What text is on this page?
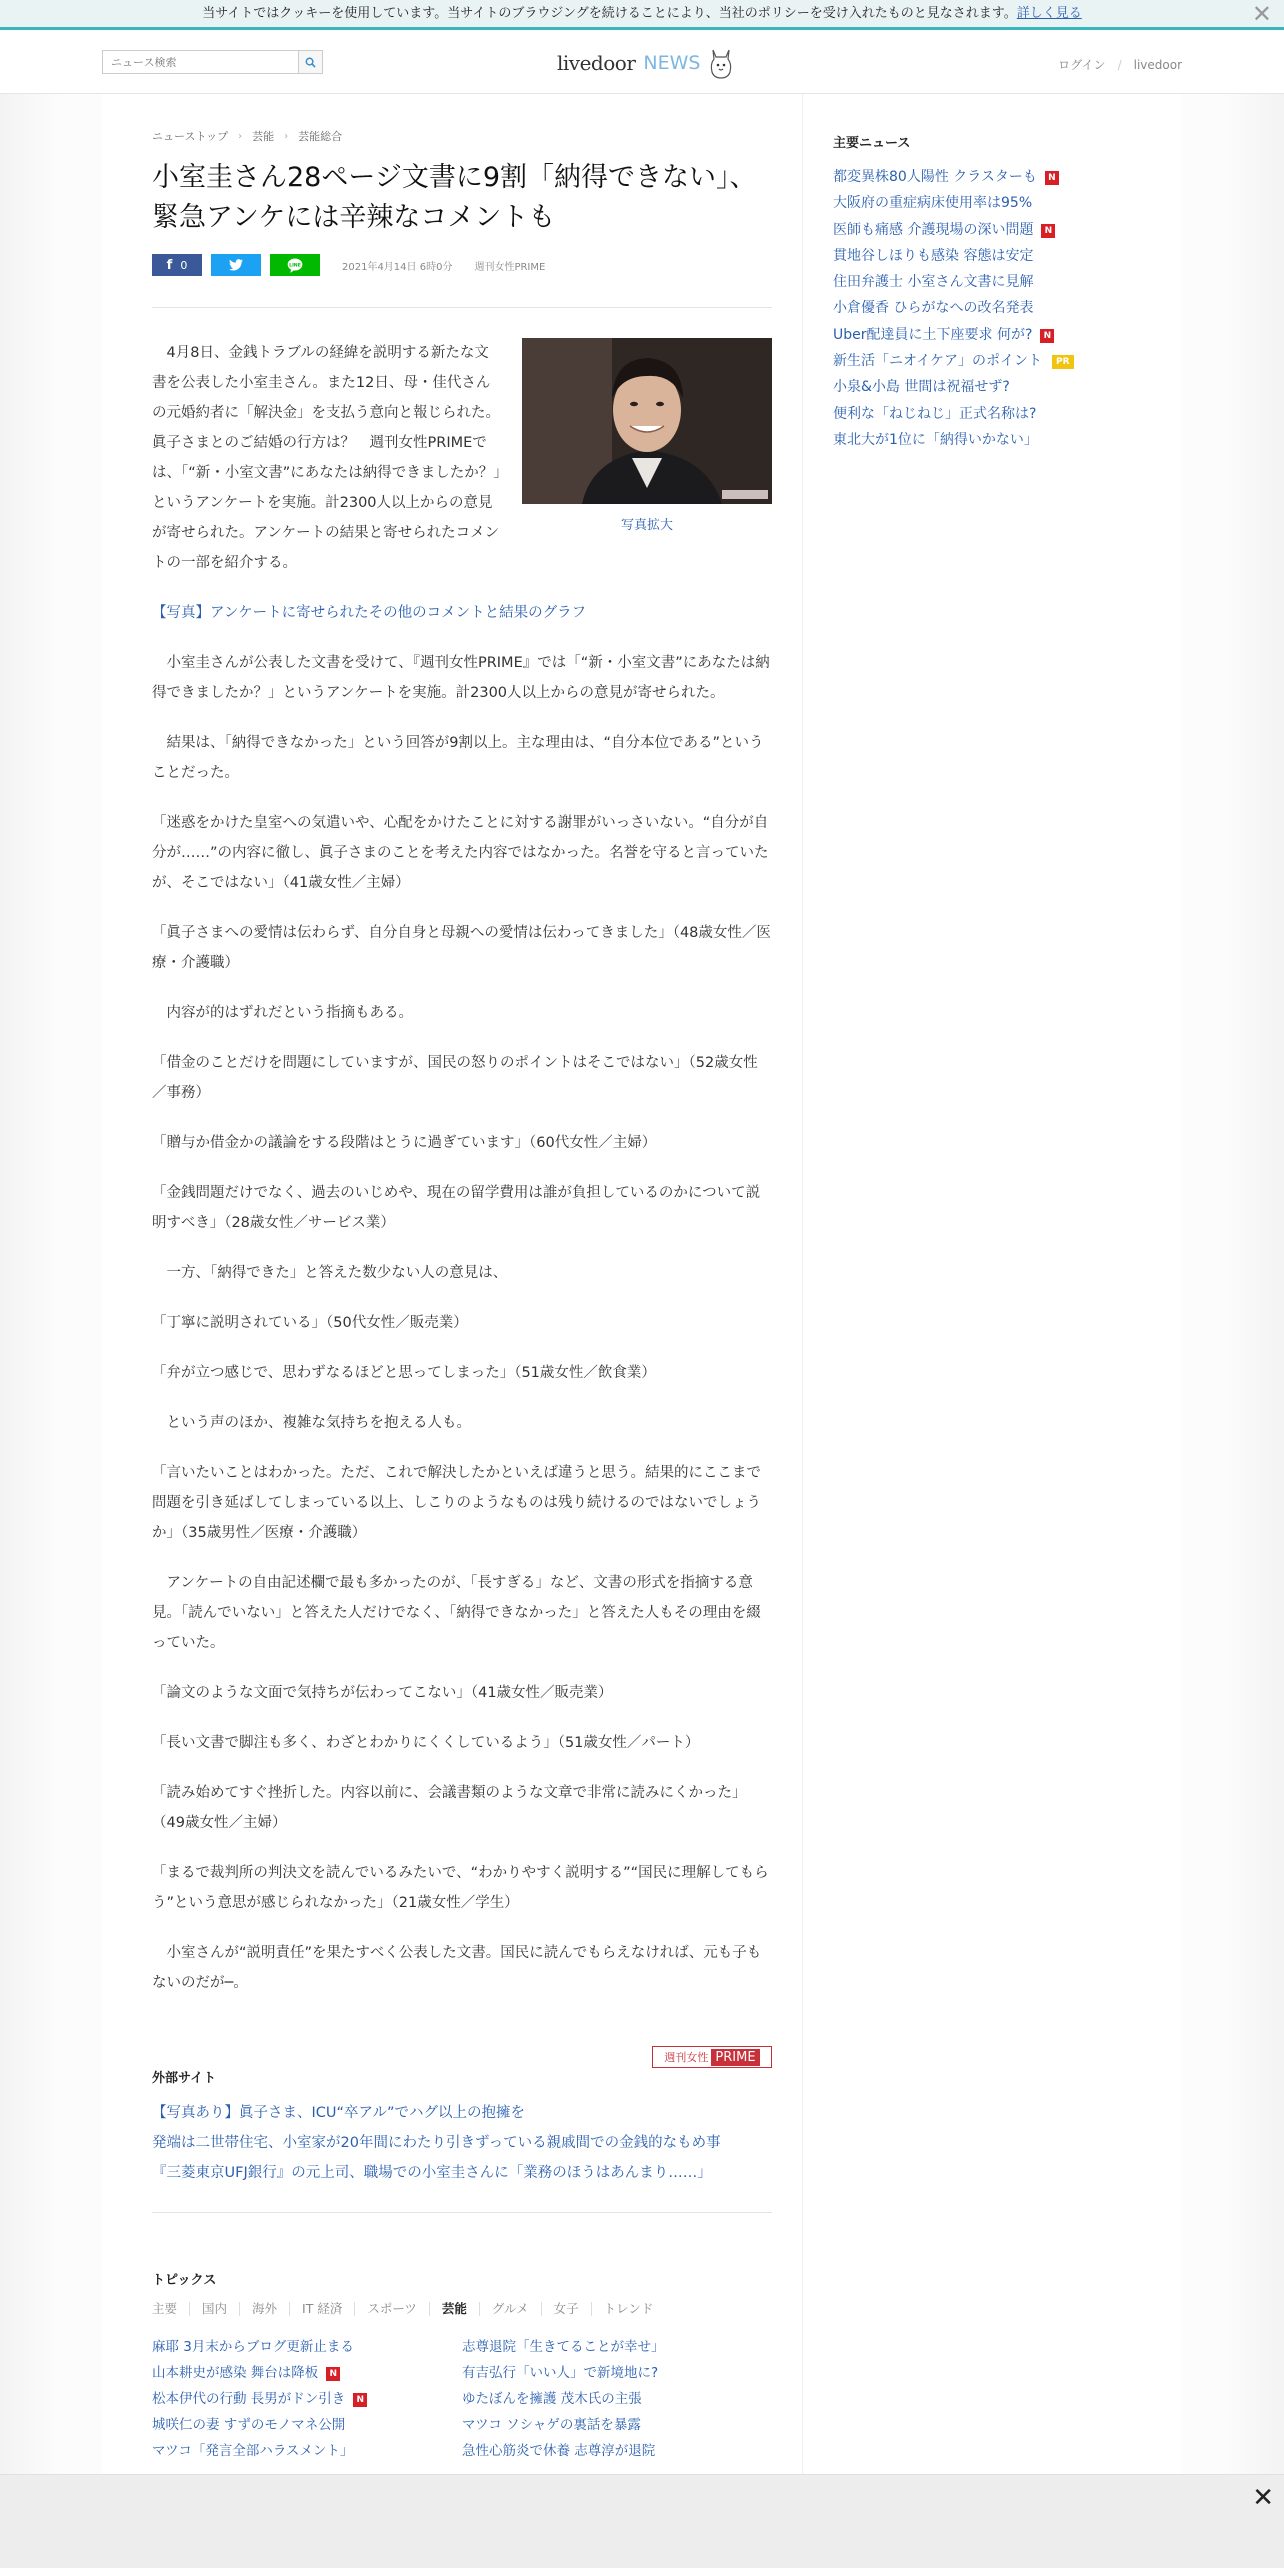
当サイトではクッキーを使用しています。当サイトのブラウジングを続けることにより、当社のポリシーを受け入れたものと見なされます。詳しく見る	✕
ニュース検索
livedoor NEWS	ログイン / livedoor
ニューストップ › 芸能 › 芸能総合
小室圭さん28ページ文書に9割「納得できない」、緊急アンケには辛辣なコメントも
f 0	LINE	2021年4月14日 6時0分 週刊女性PRIME
写真拡大

　4月8日、金銭トラブルの経緯を説明する新たな文書を公表した小室圭さん。また12日、母・佳代さんの元婚約者に「解決金」を支払う意向と報じられた。眞子さまとのご結婚の行方は？　週刊女性PRIMEでは、「“新・小室文書”にあなたは納得できましたか？」というアンケートを実施。計2300人以上からの意見が寄せられた。アンケートの結果と寄せられたコメントの一部を紹介する。

【写真】アンケートに寄せられたその他のコメントと結果のグラフ

　小室圭さんが公表した文書を受けて、『週刊女性PRIME』では「“新・小室文書”にあなたは納得できましたか？」というアンケートを実施。計2300人以上からの意見が寄せられた。

　結果は、「納得できなかった」という回答が9割以上。主な理由は、“自分本位である”ということだった。

「迷惑をかけた皇室への気遣いや、心配をかけたことに対する謝罪がいっさいない。“自分が自分が……”の内容に徹し、眞子さまのことを考えた内容ではなかった。名誉を守ると言っていたが、そこではない」（41歳女性／主婦）

「眞子さまへの愛情は伝わらず、自分自身と母親への愛情は伝わってきました」（48歳女性／医療・介護職）

　内容が的はずれだという指摘もある。

「借金のことだけを問題にしていますが、国民の怒りのポイントはそこではない」（52歳女性／事務）

「贈与か借金かの議論をする段階はとうに過ぎています」（60代女性／主婦）

「金銭問題だけでなく、過去のいじめや、現在の留学費用は誰が負担しているのかについて説明すべき」（28歳女性／サービス業）

　一方、「納得できた」と答えた数少ない人の意見は、

「丁寧に説明されている」（50代女性／販売業）

「弁が立つ感じで、思わずなるほどと思ってしまった」（51歳女性／飲食業）

　という声のほか、複雑な気持ちを抱える人も。

「言いたいことはわかった。ただ、これで解決したかといえば違うと思う。結果的にここまで問題を引き延ばしてしまっている以上、しこりのようなものは残り続けるのではないでしょうか」（35歳男性／医療・介護職）

　アンケートの自由記述欄で最も多かったのが、「長すぎる」など、文書の形式を指摘する意見。「読んでいない」と答えた人だけでなく、「納得できなかった」と答えた人もその理由を綴っていた。

「論文のような文面で気持ちが伝わってこない」（41歳女性／販売業）

「長い文書で脚注も多く、わざとわかりにくくしているよう」（51歳女性／パート）

「読み始めてすぐ挫折した。内容以前に、会議書類のような文章で非常に読みにくかった」（49歳女性／主婦）

「まるで裁判所の判決文を読んでいるみたいで、“わかりやすく説明する”“国民に理解してもらう”という意思が感じられなかった」（21歳女性／学生）

　小室さんが“説明責任”を果たすべく公表した文書。国民に読んでもらえなければ、元も子もないのだが─。

週刊女性 PRIME
外部サイト
【写真あり】眞子さま、ICU“卒アル”でハグ以上の抱擁を
発端は二世帯住宅、小室家が20年間にわたり引きずっている親戚間での金銭的なもめ事
『三菱東京UFJ銀行』の元上司、職場での小室圭さんに「業務のほうはあんまり……」
トピックス
主要	国内	海外	IT 経済	スポーツ	芸能	グルメ	女子	トレンド
麻耶 3月末からブログ更新止まる
山本耕史が感染 舞台は降板 N
松本伊代の行動 長男がドン引き N
城咲仁の妻 すずのモノマネ公開
マツコ「発言全部ハラスメント」
志尊退院「生きてることが幸せ」
有吉弘行「いい人」で新境地に?
ゆたぼんを擁護 茂木氏の主張
マツコ ソシャゲの裏話を暴露
急性心筋炎で休養 志尊淳が退院
主要ニュース
都変異株80人陽性 クラスターも N
大阪府の重症病床使用率は95%
医師も痛感 介護現場の深い問題 N
貫地谷しほりも感染 容態は安定
住田弁護士 小室さん文書に見解
小倉優香 ひらがなへの改名発表
Uber配達員に土下座要求 何が? N
新生活「ニオイケア」のポイント PR
小泉&小島 世間は祝福せず?
便利な「ねじねじ」正式名称は?
東北大が1位に「納得いかない」
✕
